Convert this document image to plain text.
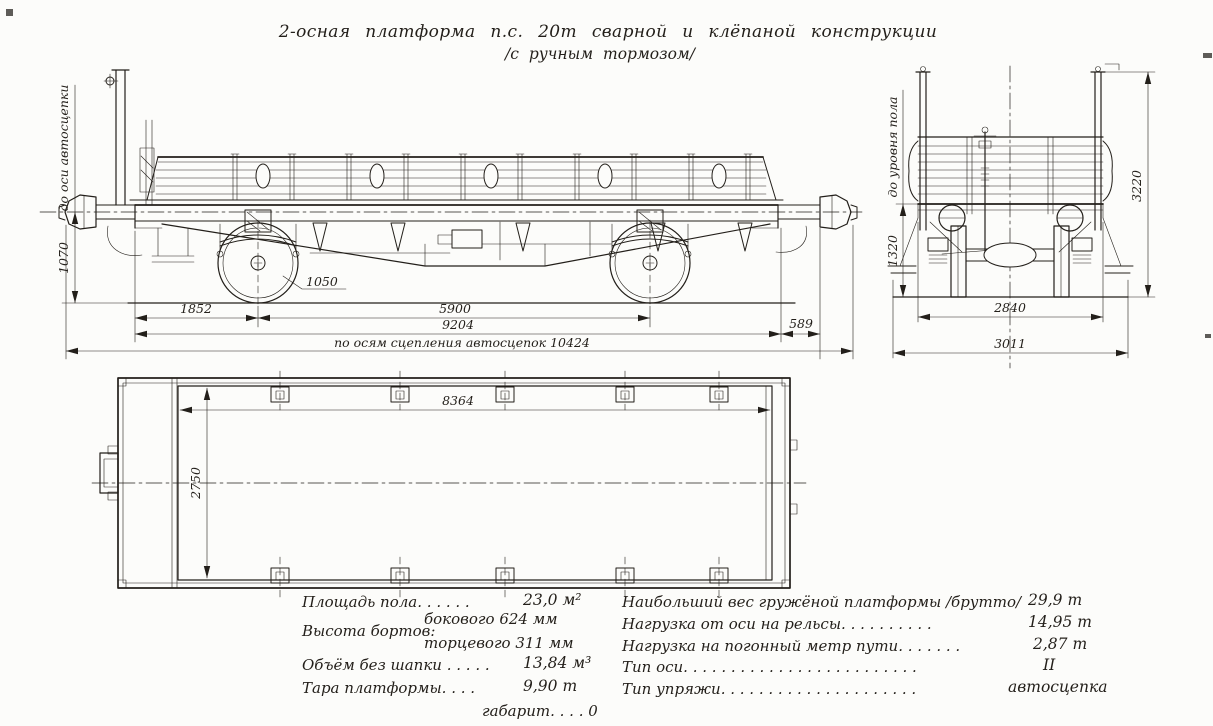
2-осная платформа п.с. 20т сварной и клёпаной конструкции
/с ручным тормозом/
1852	5900
9204	589
по осям сцепления автосцепок 10424
1070
до оси автосцепки
1050
3220
1320
до уровня пола
2840
3011
8364
2750
Площадь пола. . . . . .	23,0 м²
Высота бортов:
бокового 624 мм
торцевого 311 мм
Объём без шапки . . . . . 13,84 м³
Тара платформы. . . .	9,90 т
габарит. . . . 0
Наибольший вес гружёной платформы /брутто/ 29,9 т
Нагрузка от оси на рельсы. . . . . . . . . .	14,95 т
Нагрузка на погонный метр пути. . . . . . .	2,87 т
Тип оси. . . . . . . . . . . . . . . . . . . . . . . . .	II
Тип упряжи. . . . . . . . . . . . . . . . . . . . .	автосцепка
